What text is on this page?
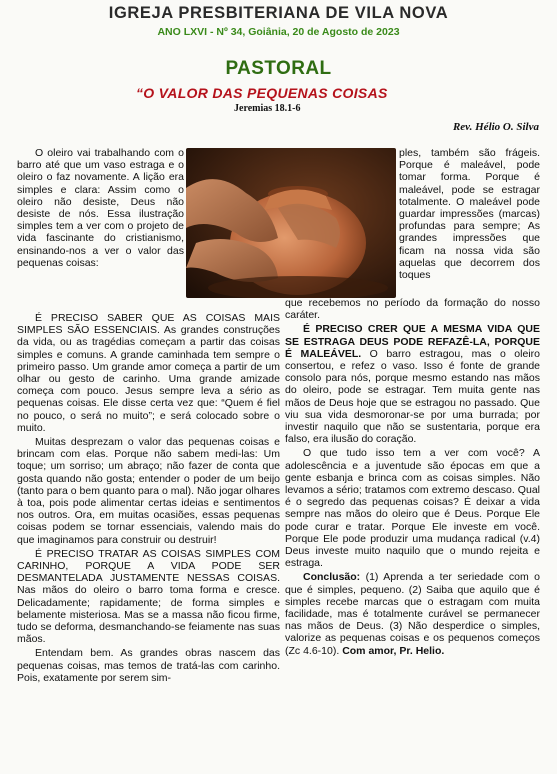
IGREJA PRESBITERIANA DE VILA NOVA
ANO LXVI - Nº 34, Goiânia, 20 de Agosto de 2023
PASTORAL
“O VALOR DAS PEQUENAS COISAS
Jeremias 18.1-6
Rev. Hélio O. Silva

O oleiro vai trabalhando com o barro até que um vaso estraga e o oleiro o faz novamente. A lição era simples e clara: Assim como o oleiro não desiste, Deus não desiste de nós. Essa ilustração simples tem a ver com o projeto de vida fascinante do cristianismo, ensinando-nos a ver o valor das pequenas coisas:

ples, também são frágeis. Porque é maleável, pode tomar forma. Porque é maleável, pode se estragar totalmente. O maleável pode guardar impressões (marcas) profundas para sempre; As grandes impressões que ficam na nossa vida são aquelas que decorrem dos toques

É PRECISO SABER QUE AS COISAS MAIS SIMPLES SÃO ESSENCIAIS. As grandes construções da vida, ou as tragédias começam a partir das coisas simples e comuns. A grande caminhada tem sempre o primeiro passo. Um grande amor começa a partir de um olhar ou gesto de carinho. Uma grande amizade começa com pouco. Jesus sempre leva a sério as pequenas coisas. Ele disse certa vez que: “Quem é fiel no pouco, o será no muito”; e será colocado sobre o muito.

Muitas desprezam o valor das pequenas coisas e brincam com elas. Porque não sabem medi-las: Um toque; um sorriso; um abraço; não fazer de conta que gosta quando não gosta; entender o poder de um beijo (tanto para o bem quanto para o mal). Não jogar olhares à toa, pois pode alimentar certas ideias e sentimentos nos outros. Ora, em muitas ocasiões, essas pequenas coisas podem se tornar essenciais, valendo mais do que imaginamos para construir ou destruir!

É PRECISO TRATAR AS COISAS SIMPLES COM CARINHO, PORQUE A VIDA PODE SER DESMANTELADA JUSTAMENTE NESSAS COISAS. Nas mãos do oleiro o barro toma forma e cresce. Delicadamente; rapidamente; de forma simples e belamente misteriosa. Mas se a massa não ficou firme, tudo se deforma, desmanchando-se feiamente nas suas mãos.

Entendam bem. As grandes obras nascem das pequenas coisas, mas temos de tratá-las com carinho. Pois, exatamente por serem sim-

que recebemos no período da formação do nosso caráter.

É PRECISO CRER QUE A MESMA VIDA QUE SE ESTRAGA DEUS PODE REFAZÊ-LA, PORQUE É MALEÁVEL. O barro estragou, mas o oleiro consertou, e refez o vaso. Isso é fonte de grande consolo para nós, porque mesmo estando nas mãos do oleiro, pode se estragar. Tem muita gente nas mãos de Deus hoje que se estragou no passado. Que viu sua vida desmoronar-se por uma burrada; por investir naquilo que não se sustentaria, porque era falso, era ilusão do coração.

O que tudo isso tem a ver com você? A adolescência e a juventude são épocas em que a gente esbanja e brinca com as coisas simples. Não levamos a sério; tratamos com extremo descaso. Qual é o segredo das pequenas coisas? É deixar a vida sempre nas mãos do oleiro que é Deus. Porque Ele pode curar e tratar. Porque Ele investe em você. Porque Ele pode produzir uma mudança radical (v.4) Deus investe muito naquilo que o mundo rejeita e estraga.

Conclusão: (1) Aprenda a ter seriedade com o que é simples, pequeno. (2) Saiba que aquilo que é simples recebe marcas que o estragam com muita facilidade, mas é totalmente curável se permanecer nas mãos de Deus. (3) Não desperdice o simples, valorize as pequenas coisas e os pequenos começos (Zc 4.6-10). Com amor, Pr. Helio.
